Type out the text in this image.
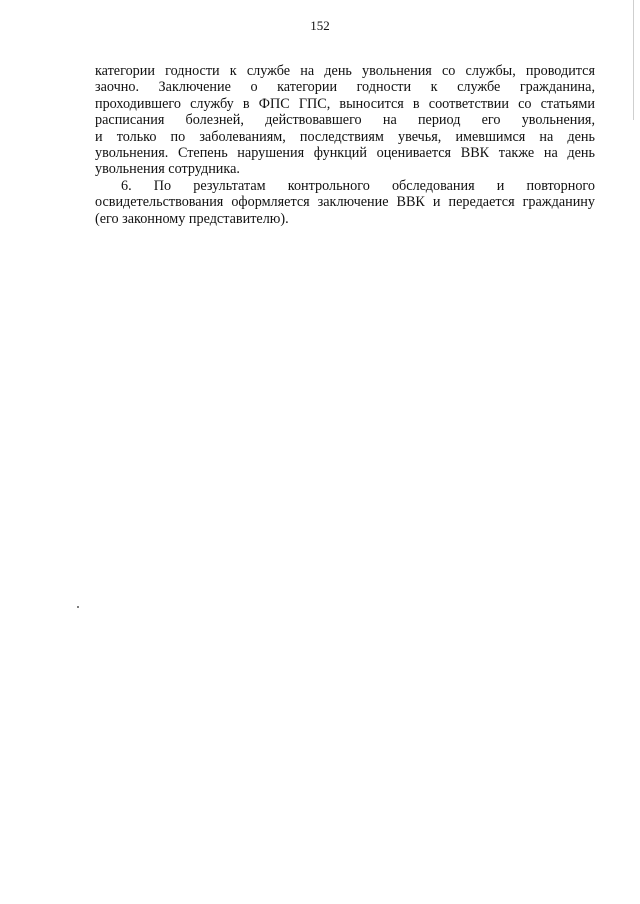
152
категории годности к службе на день увольнения со службы, проводится
заочно. Заключение о категории годности к службе гражданина,
проходившего службу в ФПС ГПС, выносится в соответствии со статьями
расписания болезней, действовавшего на период его увольнения,
и только по заболеваниям, последствиям увечья, имевшимся на день
увольнения. Степень нарушения функций оценивается ВВК также на день
увольнения сотрудника.
6. По результатам контрольного обследования и повторного
освидетельствования оформляется заключение ВВК и передается гражданину
(его законному представителю).
